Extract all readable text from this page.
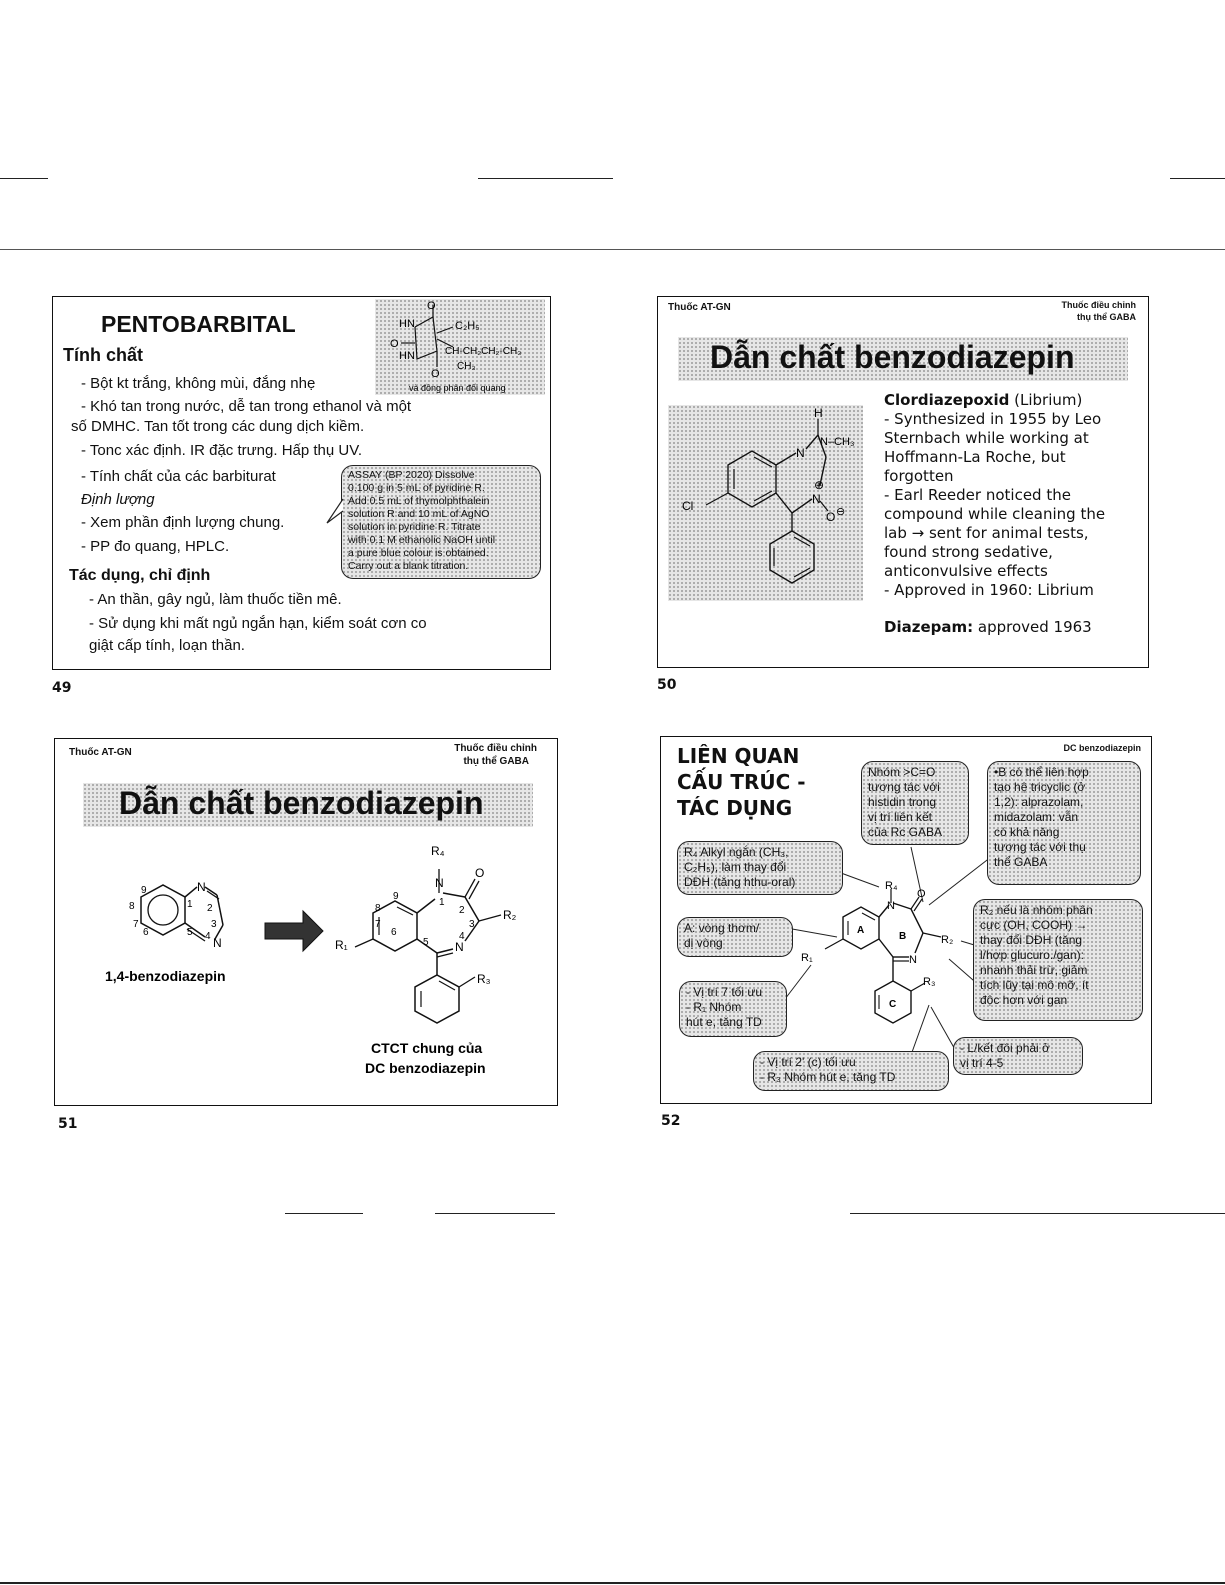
PENTOBARBITAL
Tính chất
O
HN
O
HN
O
C₂H₅
CH-CH₂CH₂-CH₃
CH₃
và đồng phân đối quang
- Bột kt trắng, không mùi, đắng nhẹ
- Khó tan trong nước, dễ tan trong ethanol và một
số DMHC. Tan tốt trong các dung dịch kiềm.
- Tonc xác định. IR đặc trưng. Hấp thụ UV.
- Tính chất của các barbiturat
Định lượng
- Xem phần định lượng chung.
- PP đo quang, HPLC.
ASSAY (BP 2020) Dissolve
0.100 g in 5 mL of pyridine R.
Add 0.5 mL of thymolphthalein
solution R and 10 mL of AgNO
solution in pyridine R. Titrate
with 0.1 M ethanolic NaOH until
a pure blue colour is obtained.
Carry out a blank titration.
Tác dụng, chỉ định
- An thần, gây ngủ, làm thuốc tiền mê.
- Sử dụng khi mất ngủ ngắn hạn, kiểm soát cơn co
giật cấp tính, loạn thần.
49
Thuốc AT-GN	Thuốc điều chỉnh
thụ thể GABA
Dẫn chất benzodiazepin
H
N–CH₃
N
Cl	N
⊕
O ⊖
Clordiazepoxid (Librium)
- Synthesized in 1955 by Leo
Sternbach while working at
Hoffmann-La Roche, but
forgotten
- Earl Reeder noticed the
compound while cleaning the
lab → sent for animal tests,
found strong sedative,
anticonvulsive effects
- Approved in 1960: Librium
Diazepam: approved 1963
50
Thuốc AT-GN	Thuốc điều chỉnh
thụ thể GABA
Dẫn chất benzodiazepin
N
N
1 2
3
4
5
6
7
8
9
1,4-benzodiazepin
R₄
N
O
R₂
N
R₁
R₃
1
2
3
4
5
6
7
8
9
CTCT chung của
DC benzodiazepin
51
LIÊN QUAN
CẤU TRÚC -
TÁC DỤNG
DC benzodiazepin
A
B
C
R₄
N
O
R₂
N
R₁
R₃
Nhóm >C=O
tương tác với
histidin trong
vị trí liên kết
của Rc GABA
•B có thể liên hợp
tạo hệ tricyclic (ở
1,2): alprazolam,
midazolam: vẫn
có khả năng
tương tác với thụ
thể GABA
R₄ Alkyl ngắn (CH₃,
C₂H₅), làm thay đổi
DĐH (tăng hthu-oral)
A: vòng thơm/
dị vòng
R₂ nếu là nhóm phân
cực (OH, COOH) →
thay đổi DĐH (tăng
l/hợp glucuro./gan):
nhanh thải trừ, giảm
tích lũy tại mô mỡ, ít
độc hơn với gan
- Vị trí 7 tối ưu
- R₁ Nhóm
hút e, tăng TD
- Vị trí 2' (c) tối ưu
- R₃ Nhóm hút e, tăng TD
- L/kết đôi phải ở
vị trí 4-5
52
